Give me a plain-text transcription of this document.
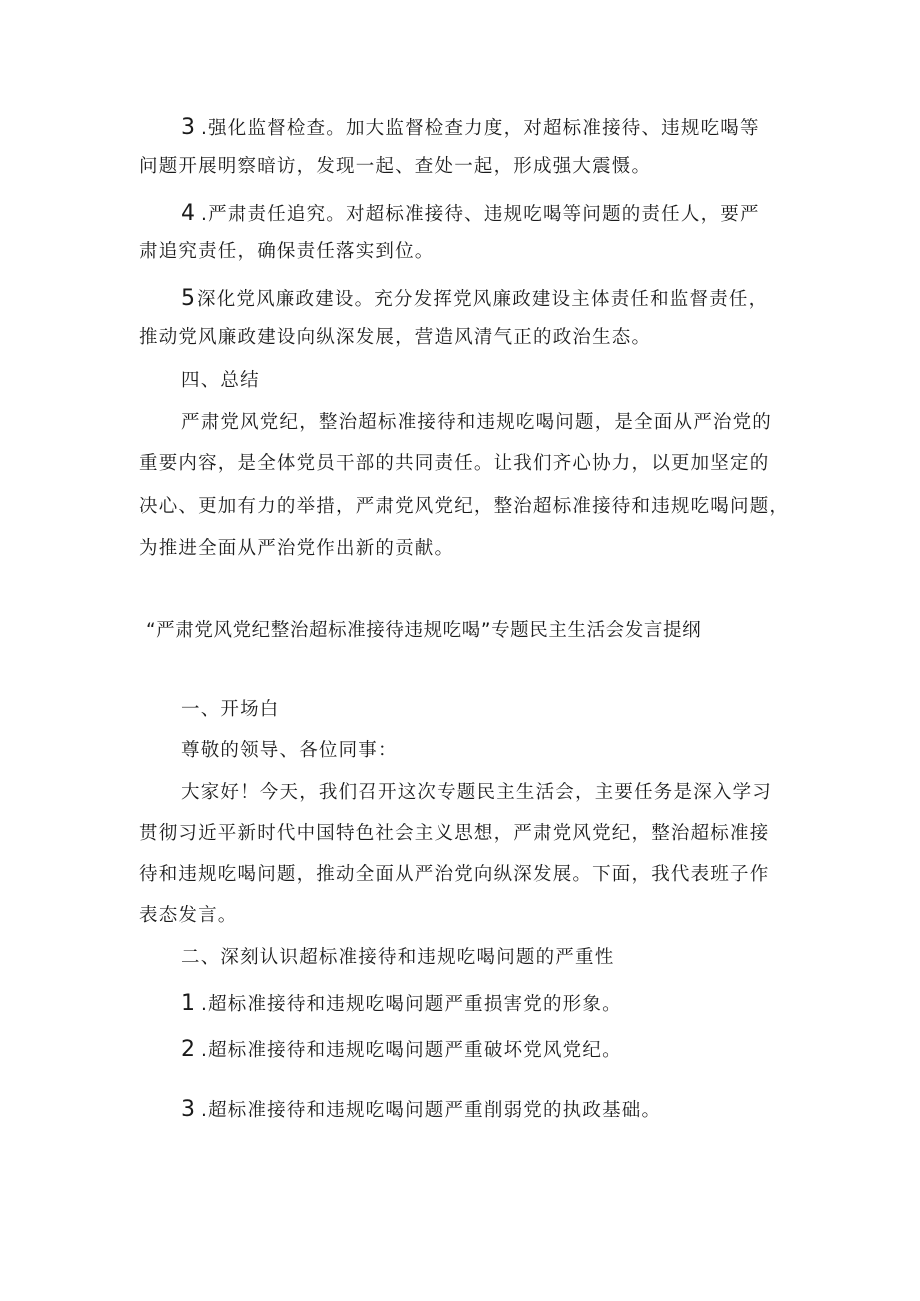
3 .强化监督检查。加大监督检查力度，对超标准接待、违规吃喝等
问题开展明察暗访，发现一起、查处一起，形成强大震慑。
4 .严肃责任追究。对超标准接待、违规吃喝等问题的责任人，要严
肃追究责任，确保责任落实到位。
5 深化党风廉政建设。充分发挥党风廉政建设主体责任和监督责任，
推动党风廉政建设向纵深发展，营造风清气正的政治生态。
四、总结
严肃党风党纪，整治超标准接待和违规吃喝问题，是全面从严治党的
重要内容，是全体党员干部的共同责任。让我们齐心协力，以更加坚定的
决心、更加有力的举措，严肃党风党纪，整治超标准接待和违规吃喝问题，
为推进全面从严治党作出新的贡献。
“严肃党风党纪整治超标准接待违规吃喝”专题民主生活会发言提纲
一、开场白
尊敬的领导、各位同事：
大家好！今天，我们召开这次专题民主生活会，主要任务是深入学习
贯彻习近平新时代中国特色社会主义思想，严肃党风党纪，整治超标准接
待和违规吃喝问题，推动全面从严治党向纵深发展。下面，我代表班子作
表态发言。
二、深刻认识超标准接待和违规吃喝问题的严重性
1 .超标准接待和违规吃喝问题严重损害党的形象。
2 .超标准接待和违规吃喝问题严重破坏党风党纪。
3 .超标准接待和违规吃喝问题严重削弱党的执政基础。
